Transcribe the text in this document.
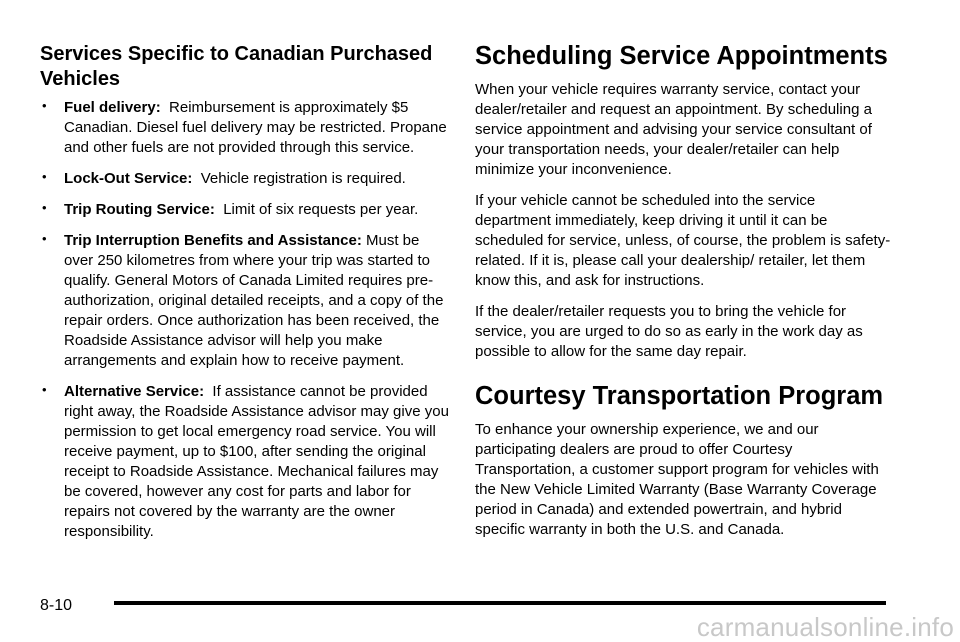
Services Specific to Canadian Purchased Vehicles
• Fuel delivery: Reimbursement is approximately $5 Canadian. Diesel fuel delivery may be restricted. Propane and other fuels are not provided through this service.
• Lock-Out Service: Vehicle registration is required.
• Trip Routing Service: Limit of six requests per year.
• Trip Interruption Benefits and Assistance: Must be over 250 kilometres from where your trip was started to qualify. General Motors of Canada Limited requires pre-authorization, original detailed receipts, and a copy of the repair orders. Once authorization has been received, the Roadside Assistance advisor will help you make arrangements and explain how to receive payment.
• Alternative Service: If assistance cannot be provided right away, the Roadside Assistance advisor may give you permission to get local emergency road service. You will receive payment, up to $100, after sending the original receipt to Roadside Assistance. Mechanical failures may be covered, however any cost for parts and labor for repairs not covered by the warranty are the owner responsibility.
Scheduling Service Appointments

When your vehicle requires warranty service, contact your dealer/retailer and request an appointment. By scheduling a service appointment and advising your service consultant of your transportation needs, your dealer/retailer can help minimize your inconvenience.

If your vehicle cannot be scheduled into the service department immediately, keep driving it until it can be scheduled for service, unless, of course, the problem is safety-related. If it is, please call your dealership/ retailer, let them know this, and ask for instructions.

If the dealer/retailer requests you to bring the vehicle for service, you are urged to do so as early in the work day as possible to allow for the same day repair.

Courtesy Transportation Program

To enhance your ownership experience, we and our participating dealers are proud to offer Courtesy Transportation, a customer support program for vehicles with the New Vehicle Limited Warranty (Base Warranty Coverage period in Canada) and extended powertrain, and hybrid specific warranty in both the U.S. and Canada.

8-10
carmanualsonline.info
